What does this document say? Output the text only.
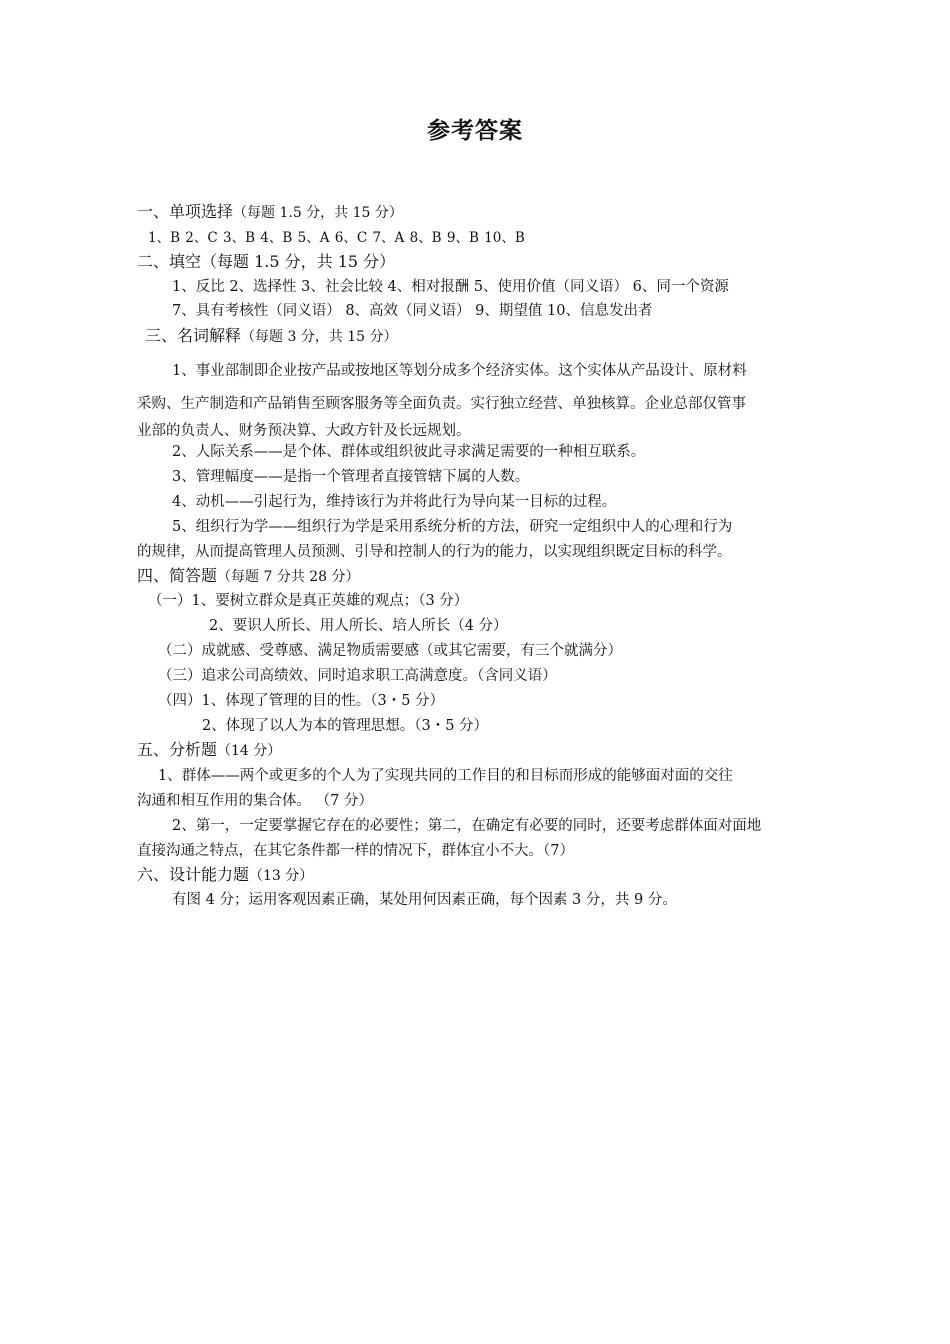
参考答案
一、单项选择（每题 1.5 分，共 15 分）
1、B 2、C 3、B 4、B 5、A 6、C 7、A 8、B 9、B 10、B
二、填空（每题 1.5 分，共 15 分）
1、反比 2、选择性 3、社会比较 4、相对报酬 5、使用价值（同义语） 6、同一个资源
7、具有考核性（同义语） 8、高效（同义语） 9、期望值 10、信息发出者
三、名词解释（每题 3 分，共 15 分）
1、事业部制即企业按产品或按地区等划分成多个经济实体。这个实体从产品设计、原材料
采购、生产制造和产品销售至顾客服务等全面负责。实行独立经营、单独核算。企业总部仅管事
业部的负责人、财务预决算、大政方针及长远规划。
2、人际关系——是个体、群体或组织彼此寻求满足需要的一种相互联系。
3、管理幅度——是指一个管理者直接管辖下属的人数。
4、动机——引起行为，维持该行为并将此行为导向某一目标的过程。
5、组织行为学——组织行为学是采用系统分析的方法，研究一定组织中人的心理和行为
的规律，从而提高管理人员预测、引导和控制人的行为的能力，以实现组织既定目标的科学。
四、简答题（每题 7 分共 28 分）
（一）1、要树立群众是真正英雄的观点；（3 分）
2、要识人所长、用人所长、培人所长（4 分）
（二）成就感、受尊感、满足物质需要感（或其它需要，有三个就满分）
（三）追求公司高绩效、同时追求职工高满意度。（含同义语）
（四）1、体现了管理的目的性。（3・5 分）
2、体现了以人为本的管理思想。（3・5 分）
五、分析题（14 分）
1、群体——两个或更多的个人为了实现共同的工作目的和目标而形成的能够面对面的交往
沟通和相互作用的集合体。 （7 分）
2、第一，一定要掌握它存在的必要性；第二，在确定有必要的同时，还要考虑群体面对面地
直接沟通之特点，在其它条件都一样的情况下，群体宜小不大。（7）
六、设计能力题（13 分）
有图 4 分；运用客观因素正确，某处用何因素正确，每个因素 3 分，共 9 分。
